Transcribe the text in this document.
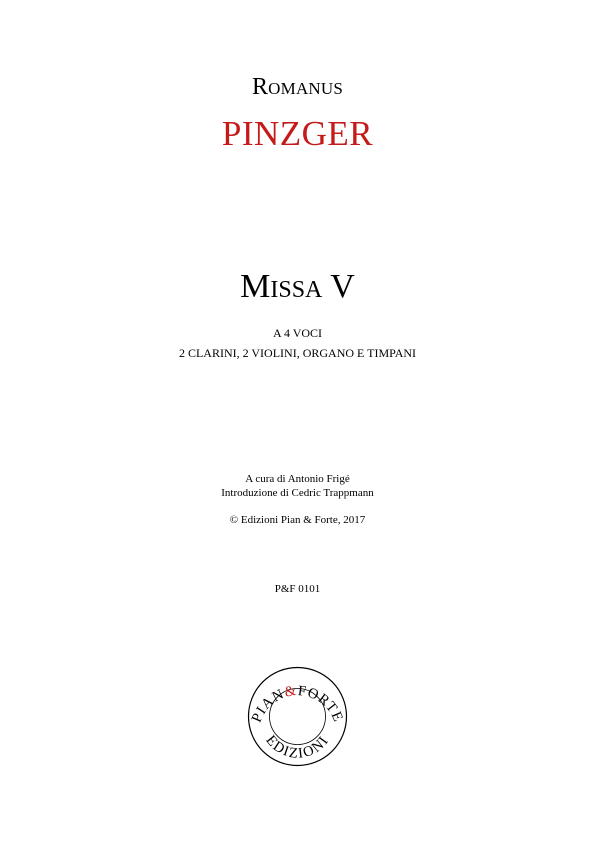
Romanus
PINZGER
Missa V
A 4 VOCI
2 CLARINI, 2 VIOLINI, ORGANO E TIMPANI
A cura di Antonio Frigé
Introduzione di Cedric Trappmann
© Edizioni Pian & Forte, 2017
P&F 0101
PIAN&FORTE
EDIZIONI
